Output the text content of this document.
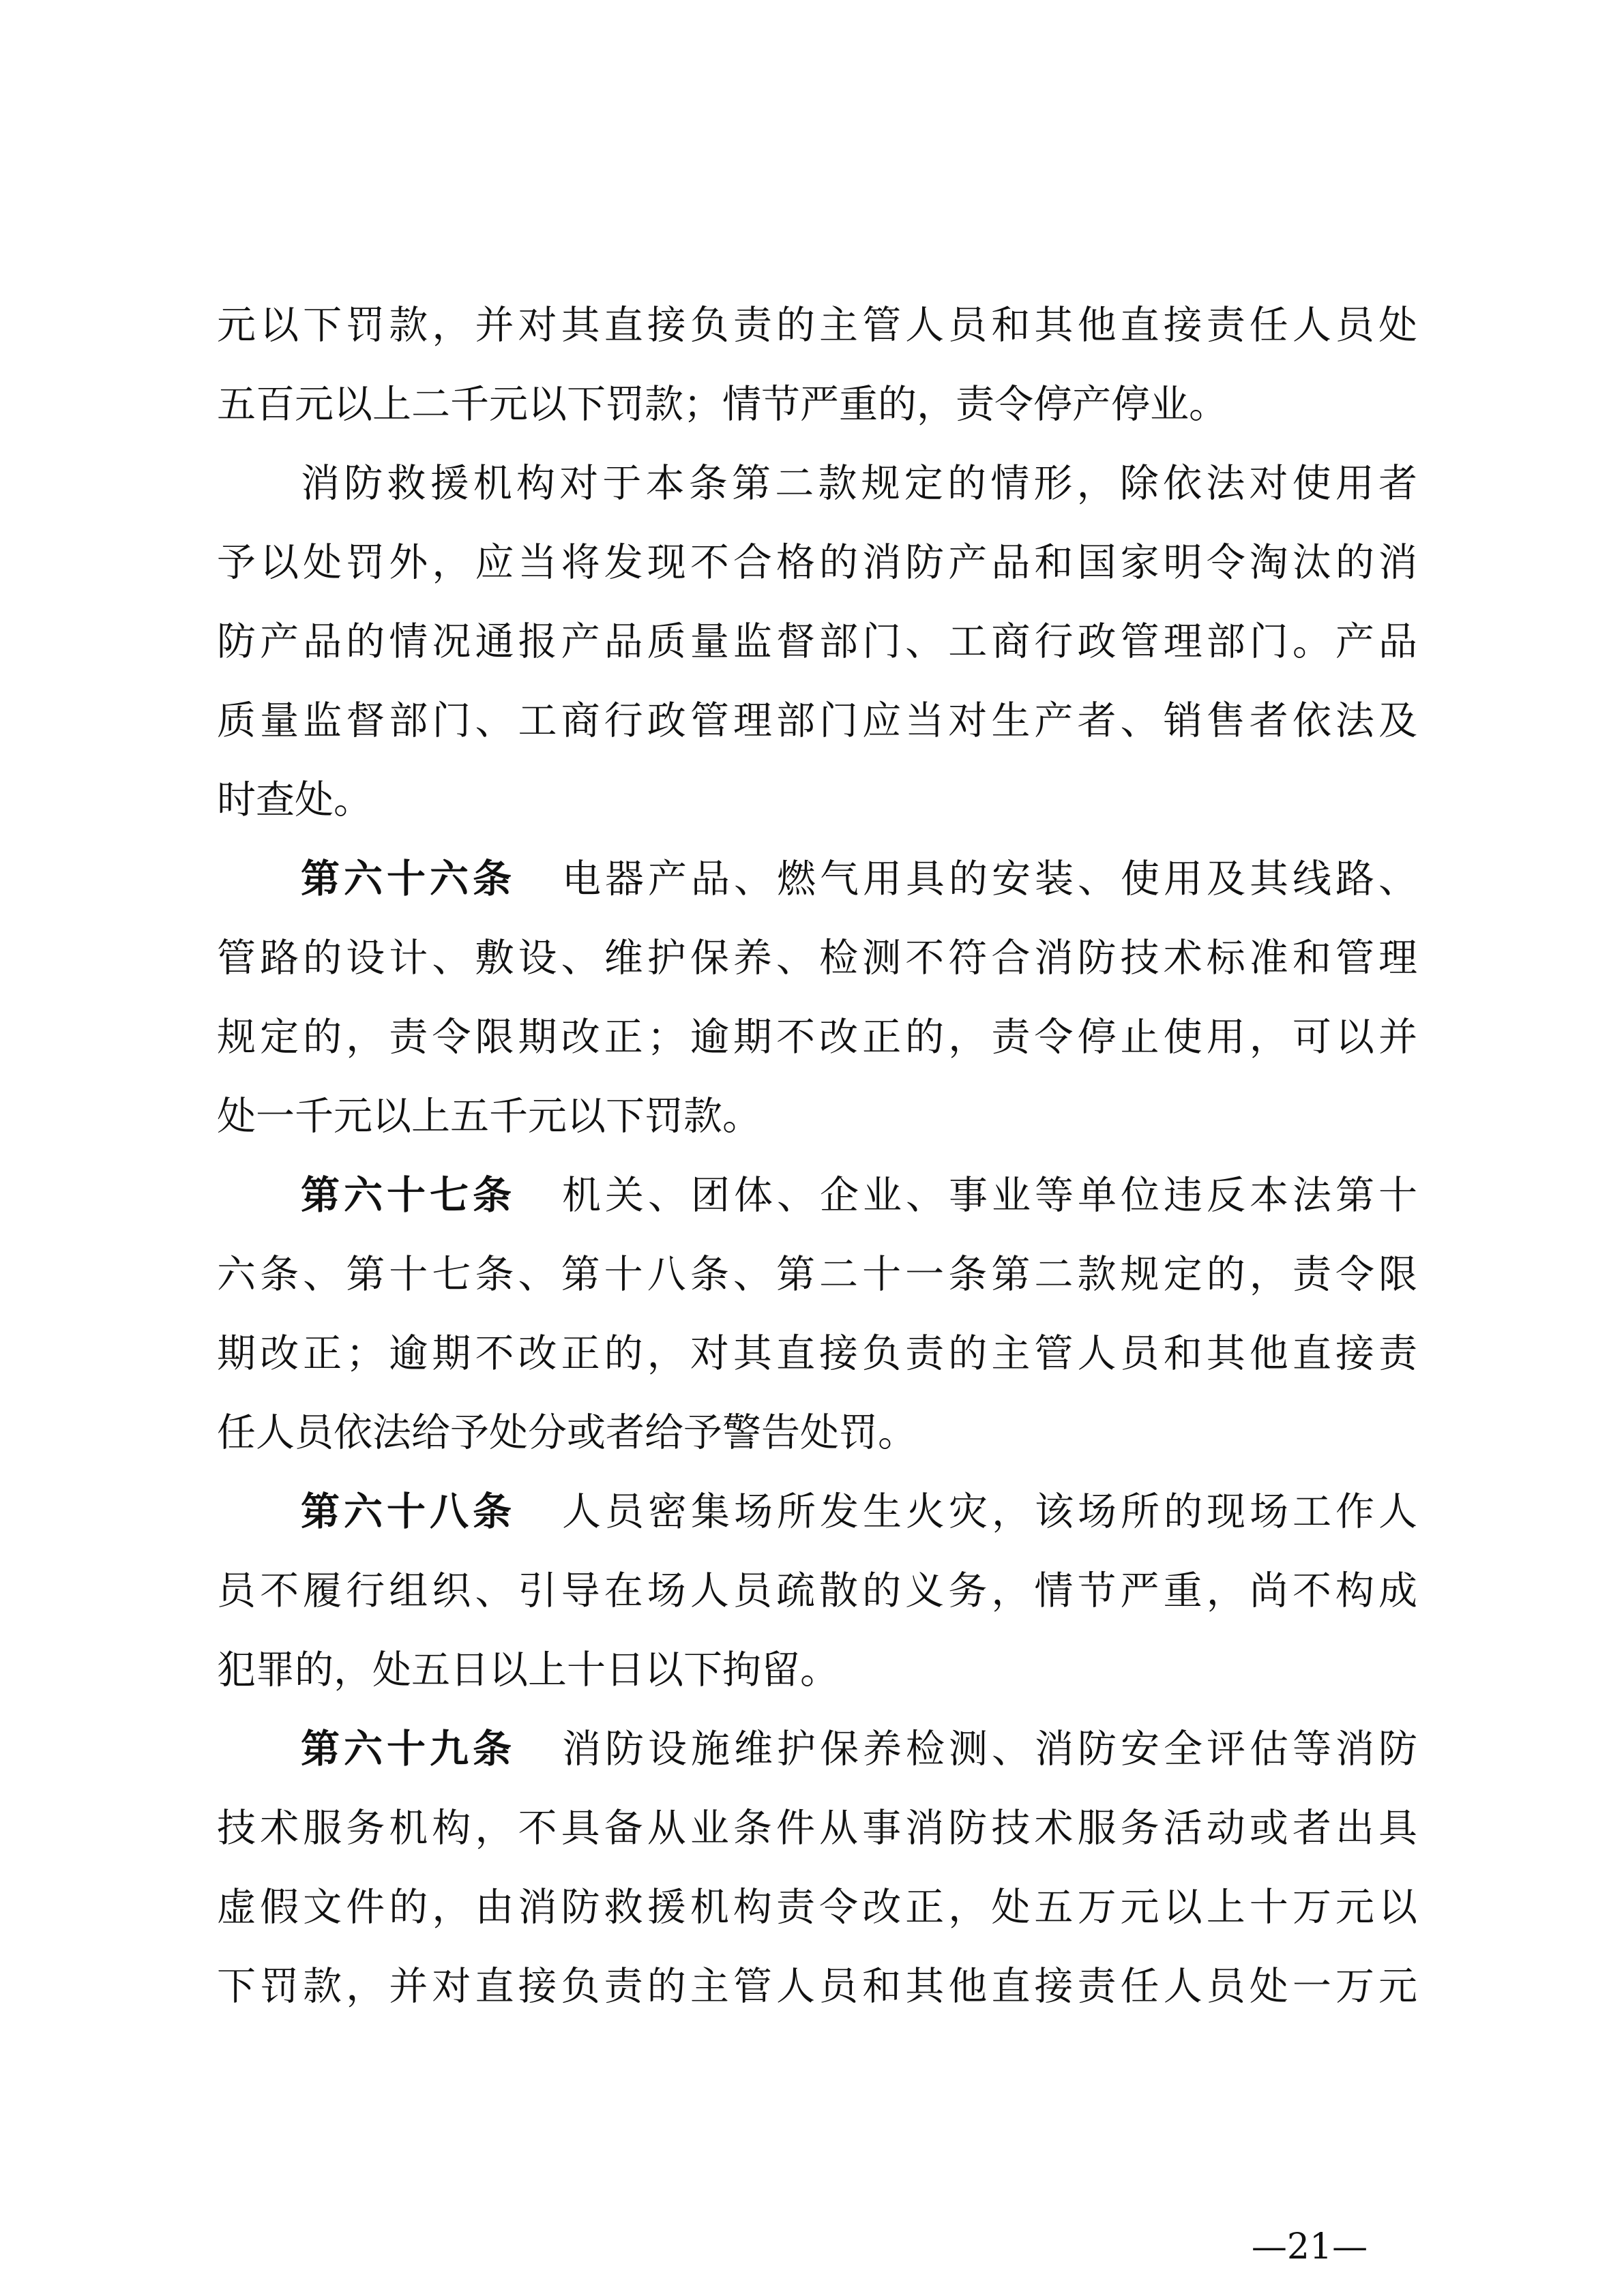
元以下罚款，并对其直接负责的主管人员和其他直接责任人员处
五百元以上二千元以下罚款；情节严重的，责令停产停业。
消防救援机构对于本条第二款规定的情形，除依法对使用者
予以处罚外，应当将发现不合格的消防产品和国家明令淘汰的消
防产品的情况通报产品质量监督部门、工商行政管理部门。产品
质量监督部门、工商行政管理部门应当对生产者、销售者依法及
时查处。
第六十六条 电器产品、燃气用具的安装、使用及其线路、
管路的设计、敷设、维护保养、检测不符合消防技术标准和管理
规定的，责令限期改正；逾期不改正的，责令停止使用，可以并
处一千元以上五千元以下罚款。
第六十七条 机关、团体、企业、事业等单位违反本法第十
六条、第十七条、第十八条、第二十一条第二款规定的，责令限
期改正；逾期不改正的，对其直接负责的主管人员和其他直接责
任人员依法给予处分或者给予警告处罚。
第六十八条 人员密集场所发生火灾，该场所的现场工作人
员不履行组织、引导在场人员疏散的义务，情节严重，尚不构成
犯罪的，处五日以上十日以下拘留。
第六十九条 消防设施维护保养检测、消防安全评估等消防
技术服务机构，不具备从业条件从事消防技术服务活动或者出具
虚假文件的，由消防救援机构责令改正，处五万元以上十万元以
下罚款，并对直接负责的主管人员和其他直接责任人员处一万元
—21—
